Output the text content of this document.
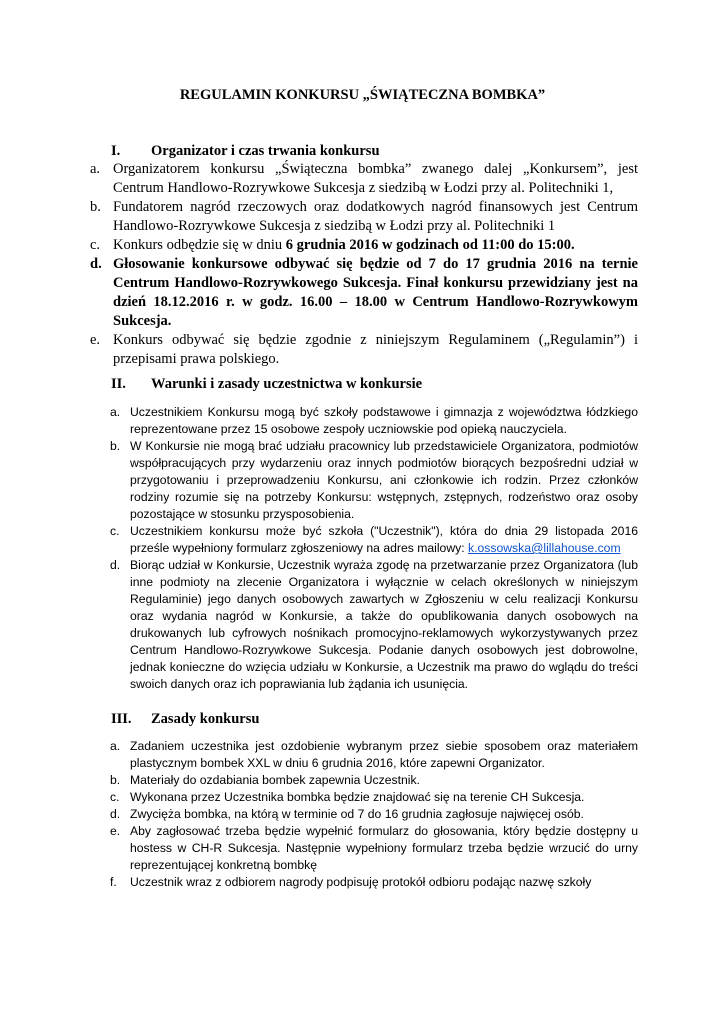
REGULAMIN KONKURSU „ŚWIĄTECZNA BOMBKA”
I. Organizator i czas trwania konkursu
a. Organizatorem konkursu „Świąteczna bombka” zwanego dalej „Konkursem”, jest Centrum Handlowo-Rozrywkowe Sukcesja z siedzibą w Łodzi przy al. Politechniki 1,
b. Fundatorem nagród rzeczowych oraz dodatkowych nagród finansowych jest Centrum Handlowo-Rozrywkowe Sukcesja z siedzibą w Łodzi przy al. Politechniki 1
c. Konkurs odbędzie się w dniu 6 grudnia 2016 w godzinach od 11:00 do 15:00.
d. Głosowanie konkursowe odbywać się będzie od 7 do 17 grudnia 2016 na ternie Centrum Handlowo-Rozrywkowego Sukcesja. Finał konkursu przewidziany jest na dzień 18.12.2016 r. w godz. 16.00 – 18.00 w Centrum Handlowo-Rozrywkowym Sukcesja.
e. Konkurs odbywać się będzie zgodnie z niniejszym Regulaminem („Regulamin”) i przepisami prawa polskiego.
II. Warunki i zasady uczestnictwa w konkursie
a. Uczestnikiem Konkursu mogą być szkoły podstawowe i gimnazja z województwa łódzkiego reprezentowane przez 15 osobowe zespoły uczniowskie pod opieką nauczyciela.
b. W Konkursie nie mogą brać udziału pracownicy lub przedstawiciele Organizatora, podmiotów współpracujących przy wydarzeniu oraz innych podmiotów biorących bezpośredni udział w przygotowaniu i przeprowadzeniu Konkursu, ani członkowie ich rodzin. Przez członków rodziny rozumie się na potrzeby Konkursu: wstępnych, zstępnych, rodzeństwo oraz osoby pozostające w stosunku przysposobienia.
c. Uczestnikiem konkursu może być szkoła ("Uczestnik"), która do dnia 29 listopada 2016 prześle wypełniony formularz zgłoszeniowy na adres mailowy: k.ossowska@lillahouse.com
d. Biorąc udział w Konkursie, Uczestnik wyraża zgodę na przetwarzanie przez Organizatora (lub inne podmioty na zlecenie Organizatora i wyłącznie w celach określonych w niniejszym Regulaminie) jego danych osobowych zawartych w Zgłoszeniu w celu realizacji Konkursu oraz wydania nagród w Konkursie, a także do opublikowania danych osobowych na drukowanych lub cyfrowych nośnikach promocyjno-reklamowych wykorzystywanych przez Centrum Handlowo-Rozrywkowe Sukcesja. Podanie danych osobowych jest dobrowolne, jednak konieczne do wzięcia udziału w Konkursie, a Uczestnik ma prawo do wglądu do treści swoich danych oraz ich poprawiania lub żądania ich usunięcia.
III. Zasady konkursu
a. Zadaniem uczestnika jest ozdobienie wybranym przez siebie sposobem oraz materiałem plastycznym bombek XXL w dniu 6 grudnia 2016, które zapewni Organizator.
b. Materiały do ozdabiania bombek zapewnia Uczestnik.
c. Wykonana przez Uczestnika bombka będzie znajdować się na terenie CH Sukcesja.
d. Zwycięża bombka, na którą w terminie od 7 do 16 grudnia zagłosuje najwięcej osób.
e. Aby zagłosować trzeba będzie wypełnić formularz do głosowania, który będzie dostępny u hostess w CH-R Sukcesja. Następnie wypełniony formularz trzeba będzie wrzucić do urny reprezentującej konkretną bombkę
f. Uczestnik wraz z odbiorem nagrody podpisuję protokół odbioru podając nazwę szkoły
